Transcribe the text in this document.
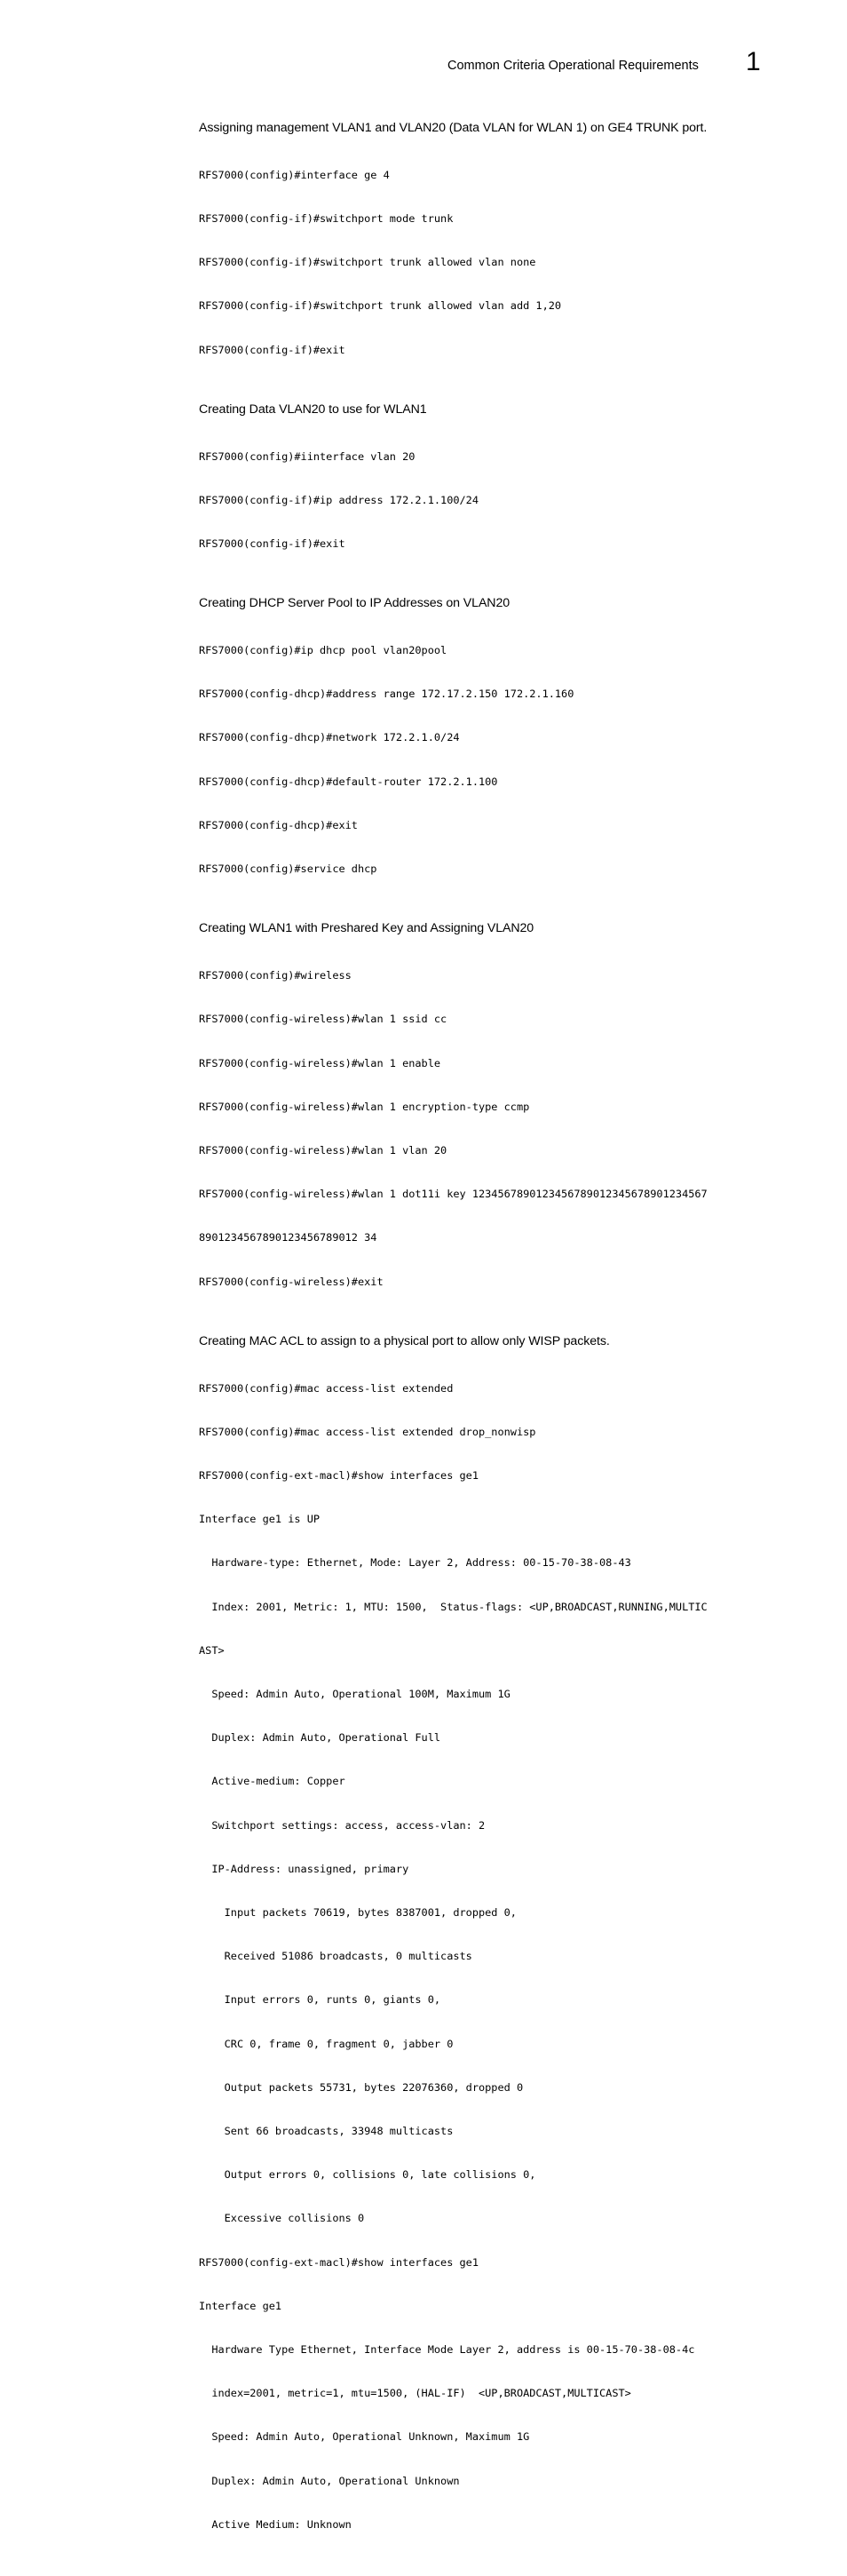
Common Criteria Operational Requirements 1
Assigning management VLAN1 and VLAN20 (Data VLAN for WLAN 1) on GE4 TRUNK port.

RFS7000(config)#interface ge 4

RFS7000(config-if)#switchport mode trunk

RFS7000(config-if)#switchport trunk allowed vlan none

RFS7000(config-if)#switchport trunk allowed vlan add 1,20

RFS7000(config-if)#exit

Creating Data VLAN20 to use for WLAN1

RFS7000(config)#iinterface vlan 20

RFS7000(config-if)#ip address 172.2.1.100/24

RFS7000(config-if)#exit

Creating DHCP Server Pool to IP Addresses on VLAN20

RFS7000(config)#ip dhcp pool vlan20pool

RFS7000(config-dhcp)#address range 172.17.2.150 172.2.1.160

RFS7000(config-dhcp)#network 172.2.1.0/24

RFS7000(config-dhcp)#default-router 172.2.1.100

RFS7000(config-dhcp)#exit

RFS7000(config)#service dhcp

Creating WLAN1 with Preshared Key and Assigning VLAN20

RFS7000(config)#wireless

RFS7000(config-wireless)#wlan 1 ssid cc

RFS7000(config-wireless)#wlan 1 enable

RFS7000(config-wireless)#wlan 1 encryption-type ccmp

RFS7000(config-wireless)#wlan 1 vlan 20

RFS7000(config-wireless)#wlan 1 dot11i key 1234567890123456789012345678901234567

8901234567890123456789012 34

RFS7000(config-wireless)#exit

Creating MAC ACL to assign to a physical port to allow only WISP packets.

RFS7000(config)#mac access-list extended

RFS7000(config)#mac access-list extended drop_nonwisp

RFS7000(config-ext-macl)#show interfaces ge1

Interface ge1 is UP

Hardware-type: Ethernet, Mode: Layer 2, Address: 00-15-70-38-08-43

Index: 2001, Metric: 1, MTU: 1500,  Status-flags: <UP,BROADCAST,RUNNING,MULTIC

AST>

Speed: Admin Auto, Operational 100M, Maximum 1G

Duplex: Admin Auto, Operational Full

Active-medium: Copper

Switchport settings: access, access-vlan: 2

IP-Address: unassigned, primary

Input packets 70619, bytes 8387001, dropped 0,

Received 51086 broadcasts, 0 multicasts

Input errors 0, runts 0, giants 0,

CRC 0, frame 0, fragment 0, jabber 0

Output packets 55731, bytes 22076360, dropped 0

Sent 66 broadcasts, 33948 multicasts

Output errors 0, collisions 0, late collisions 0,

Excessive collisions 0

RFS7000(config-ext-macl)#show interfaces ge1

Interface ge1

Hardware Type Ethernet, Interface Mode Layer 2, address is 00-15-70-38-08-4c

index=2001, metric=1, mtu=1500, (HAL-IF)  <UP,BROADCAST,MULTICAST>

Speed: Admin Auto, Operational Unknown, Maximum 1G

Duplex: Admin Auto, Operational Unknown

Active Medium: Unknown
